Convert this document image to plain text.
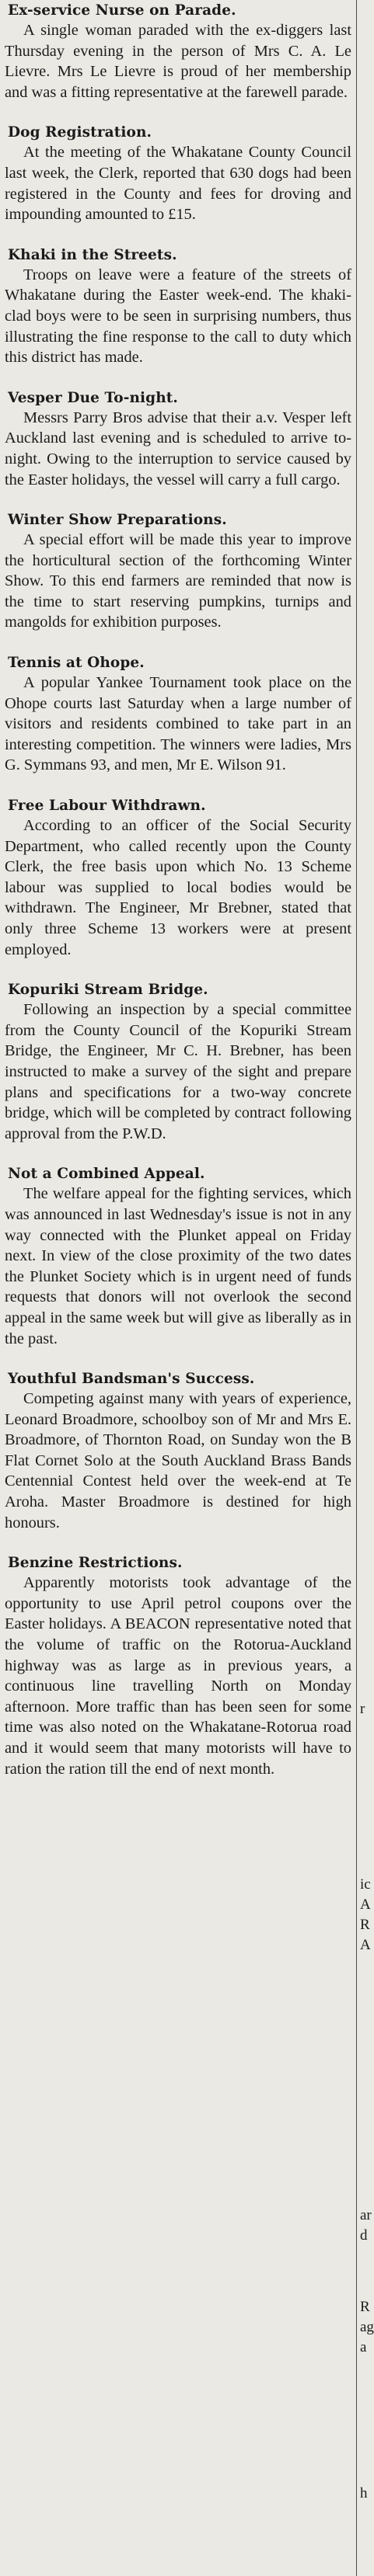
Ex-service Nurse on Parade.

A single woman paraded with the ex-diggers last Thursday evening in the person of Mrs C. A. Le Lievre. Mrs Le Lievre is proud of her membership and was a fitting representative at the farewell parade.

Dog Registration.

At the meeting of the Whakatane County Council last week, the Clerk, reported that 630 dogs had been registered in the County and fees for droving and impounding amounted to £15.

Khaki in the Streets.

Troops on leave were a feature of the streets of Whakatane during the Easter week-end. The khaki-clad boys were to be seen in surprising numbers, thus illustrating the fine response to the call to duty which this district has made.

Vesper Due To-night.

Messrs Parry Bros advise that their a.v. Vesper left Auckland last evening and is scheduled to arrive to-night. Owing to the interruption to service caused by the Easter holidays, the vessel will carry a full cargo.

Winter Show Preparations.

A special effort will be made this year to improve the horticultural section of the forthcoming Winter Show. To this end farmers are reminded that now is the time to start reserving pumpkins, turnips and mangolds for exhibition purposes.

Tennis at Ohope.

A popular Yankee Tournament took place on the Ohope courts last Saturday when a large number of visitors and residents combined to take part in an interesting competition. The winners were ladies, Mrs G. Symmans 93, and men, Mr E. Wilson 91.

Free Labour Withdrawn.

According to an officer of the Social Security Department, who called recently upon the County Clerk, the free basis upon which No. 13 Scheme labour was supplied to local bodies would be withdrawn. The Engineer, Mr Brebner, stated that only three Scheme 13 workers were at present employed.

Kopuriki Stream Bridge.

Following an inspection by a special committee from the County Council of the Kopuriki Stream Bridge, the Engineer, Mr C. H. Brebner, has been instructed to make a survey of the sight and prepare plans and specifications for a two-way concrete bridge, which will be completed by contract following approval from the P.W.D.

Not a Combined Appeal.

The welfare appeal for the fighting services, which was announced in last Wednesday's issue is not in any way connected with the Plunket appeal on Friday next. In view of the close proximity of the two dates the Plunket Society which is in urgent need of funds requests that donors will not overlook the second appeal in the same week but will give as liberally as in the past.

Youthful Bandsman's Success.

Competing against many with years of experience, Leonard Broadmore, schoolboy son of Mr and Mrs E. Broadmore, of Thornton Road, on Sunday won the B Flat Cornet Solo at the South Auckland Brass Bands Centennial Contest held over the week-end at Te Aroha. Master Broadmore is destined for high honours.

Benzine Restrictions.

Apparently motorists took advantage of the opportunity to use April petrol coupons over the Easter holidays. A BEACON representative noted that the volume of traffic on the Rotorua-Auckland highway was as large as in previous years, a continuous line travelling North on Monday afternoon. More traffic than has been seen for some time was also noted on the Whakatane-Rotorua road and it would seem that many motorists will have to ration the ration till the end of next month.

r
ic
A
R
A
ar
d
R
ag
a
h
